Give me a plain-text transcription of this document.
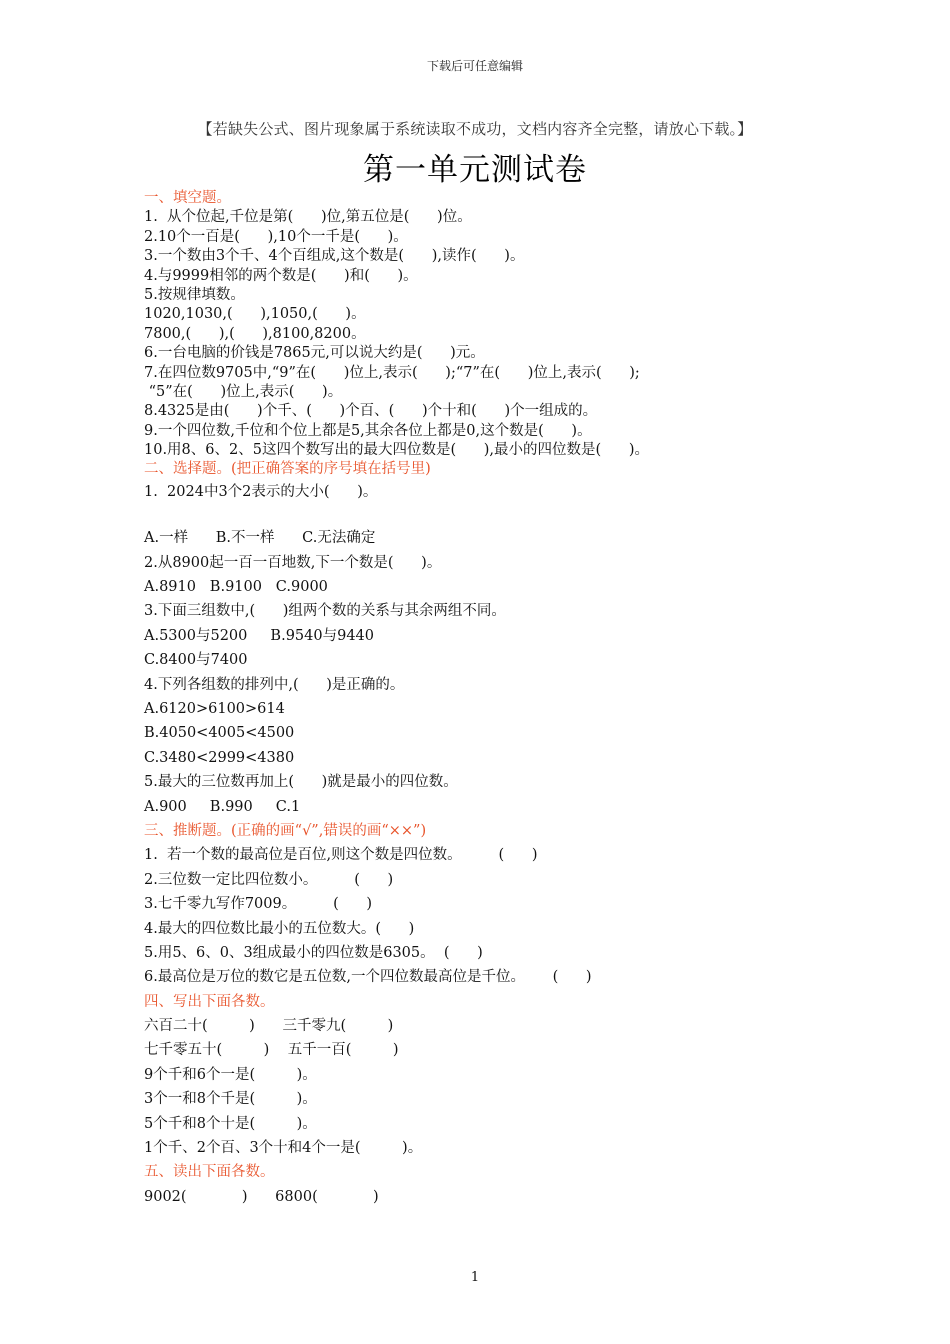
下载后可任意编辑
【若缺失公式、图片现象属于系统读取不成功，文档内容齐全完整，请放心下载。】
第一单元测试卷
一、填空题。
1.  从个位起,千位是第(      )位,第五位是(      )位。
2.10个一百是(      ),10个一千是(      )。
3.一个数由3个千、4个百组成,这个数是(      ),读作(      )。
4.与9999相邻的两个数是(      )和(      )。
5.按规律填数。
1020,1030,(      ),1050,(      )。
7800,(      ),(      ),8100,8200。
6.一台电脑的价钱是7865元,可以说大约是(      )元。
7.在四位数9705中,“9”在(      )位上,表示(      );“7”在(      )位上,表示(      );
“5”在(      )位上,表示(      )。
8.4325是由(      )个千、(      )个百、(      )个十和(      )个一组成的。
9.一个四位数,千位和个位上都是5,其余各位上都是0,这个数是(      )。
10.用8、6、2、5这四个数写出的最大四位数是(      ),最小的四位数是(      )。
二、选择题。(把正确答案的序号填在括号里)
1.  2024中3个2表示的大小(      )。
A.一样      B.不一样      C.无法确定
2.从8900起一百一百地数,下一个数是(      )。
A.8910   B.9100   C.9000
3.下面三组数中,(      )组两个数的关系与其余两组不同。
A.5300与5200     B.9540与9440
C.8400与7400
4.下列各组数的排列中,(      )是正确的。
A.6120>6100>614
B.4050<4005<4500
C.3480<2999<4380
5.最大的三位数再加上(      )就是最小的四位数。
A.900     B.990     C.1
三、推断题。(正确的画“√”,错误的画“××”)
1.  若一个数的最高位是百位,则这个数是四位数。        (      )
2.三位数一定比四位数小。        (      )
3.七千零九写作7009。        (      )
4.最大的四位数比最小的五位数大。(      )
5.用5、6、0、3组成最小的四位数是6305。  (      )
6.最高位是万位的数它是五位数,一个四位数最高位是千位。      (      )
四、写出下面各数。
六百二十(         )      三千零九(         )
七千零五十(         )    五千一百(         )
9个千和6个一是(         )。
3个一和8个千是(         )。
5个千和8个十是(         )。
1个千、2个百、3个十和4个一是(         )。
五、读出下面各数。
9002(            )      6800(            )
1
